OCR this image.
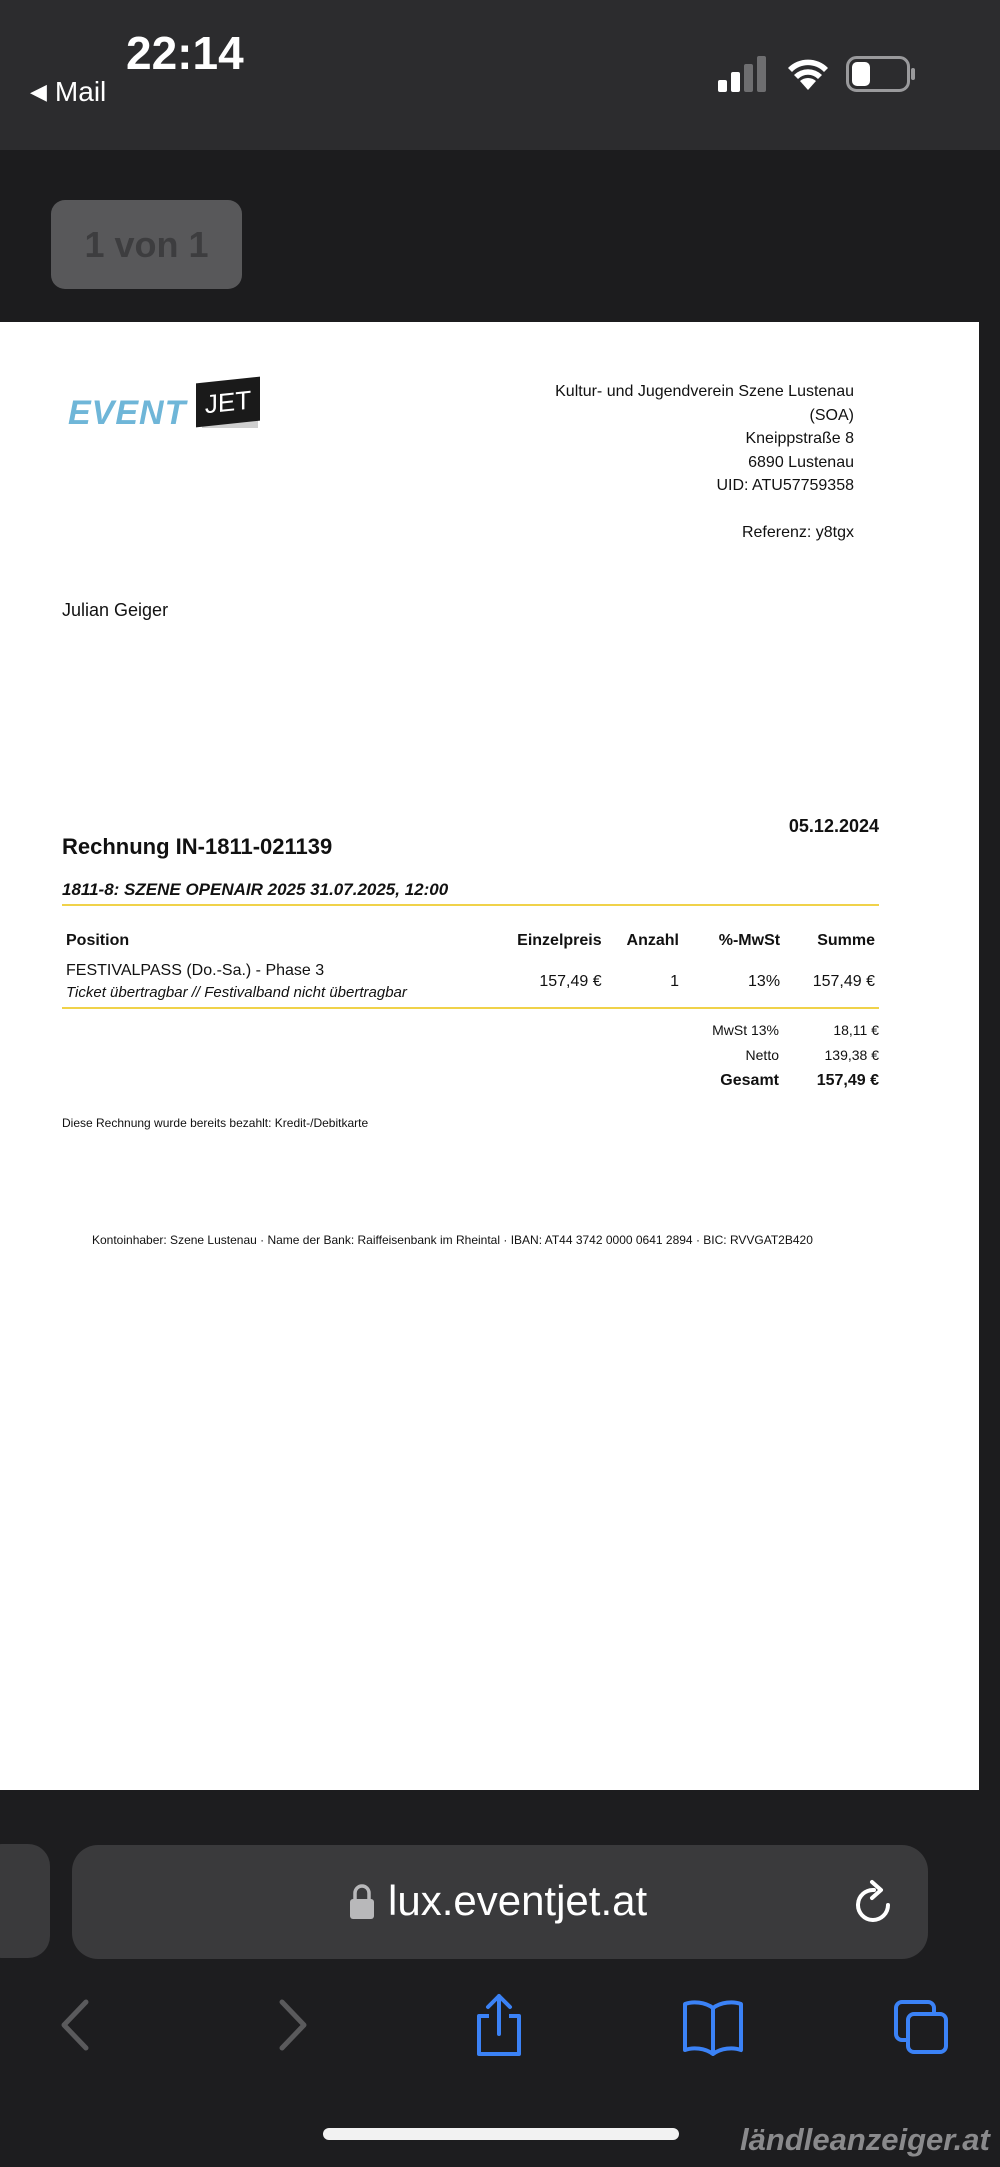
22:14
◀ Mail
1 von 1
EVENT JET	Kultur- und Jugendverein Szene Lustenau
(SOA)
Kneippstraße 8
6890 Lustenau
UID: ATU57759358
Referenz: y8tgx
Julian Geiger
05.12.2024
Rechnung IN-1811-021139
1811-8: SZENE OPENAIR 2025 31.07.2025, 12:00
Position	Einzelpreis	Anzahl	%-MwSt	Summe
FESTIVALPASS (Do.-Sa.) - Phase 3
Ticket übertragbar // Festivalband nicht übertragbar	157,49 €	1	13%	157,49 €
MwSt 13%	18,11 €
Netto	139,38 €
Gesamt	157,49 €
Diese Rechnung wurde bereits bezahlt: Kredit-/Debitkarte
Kontoinhaber: Szene Lustenau · Name der Bank: Raiffeisenbank im Rheintal · IBAN: AT44 3742 0000 0641 2894 · BIC: RVVGAT2B420
lux.eventjet.at
ländleanzeiger.at
